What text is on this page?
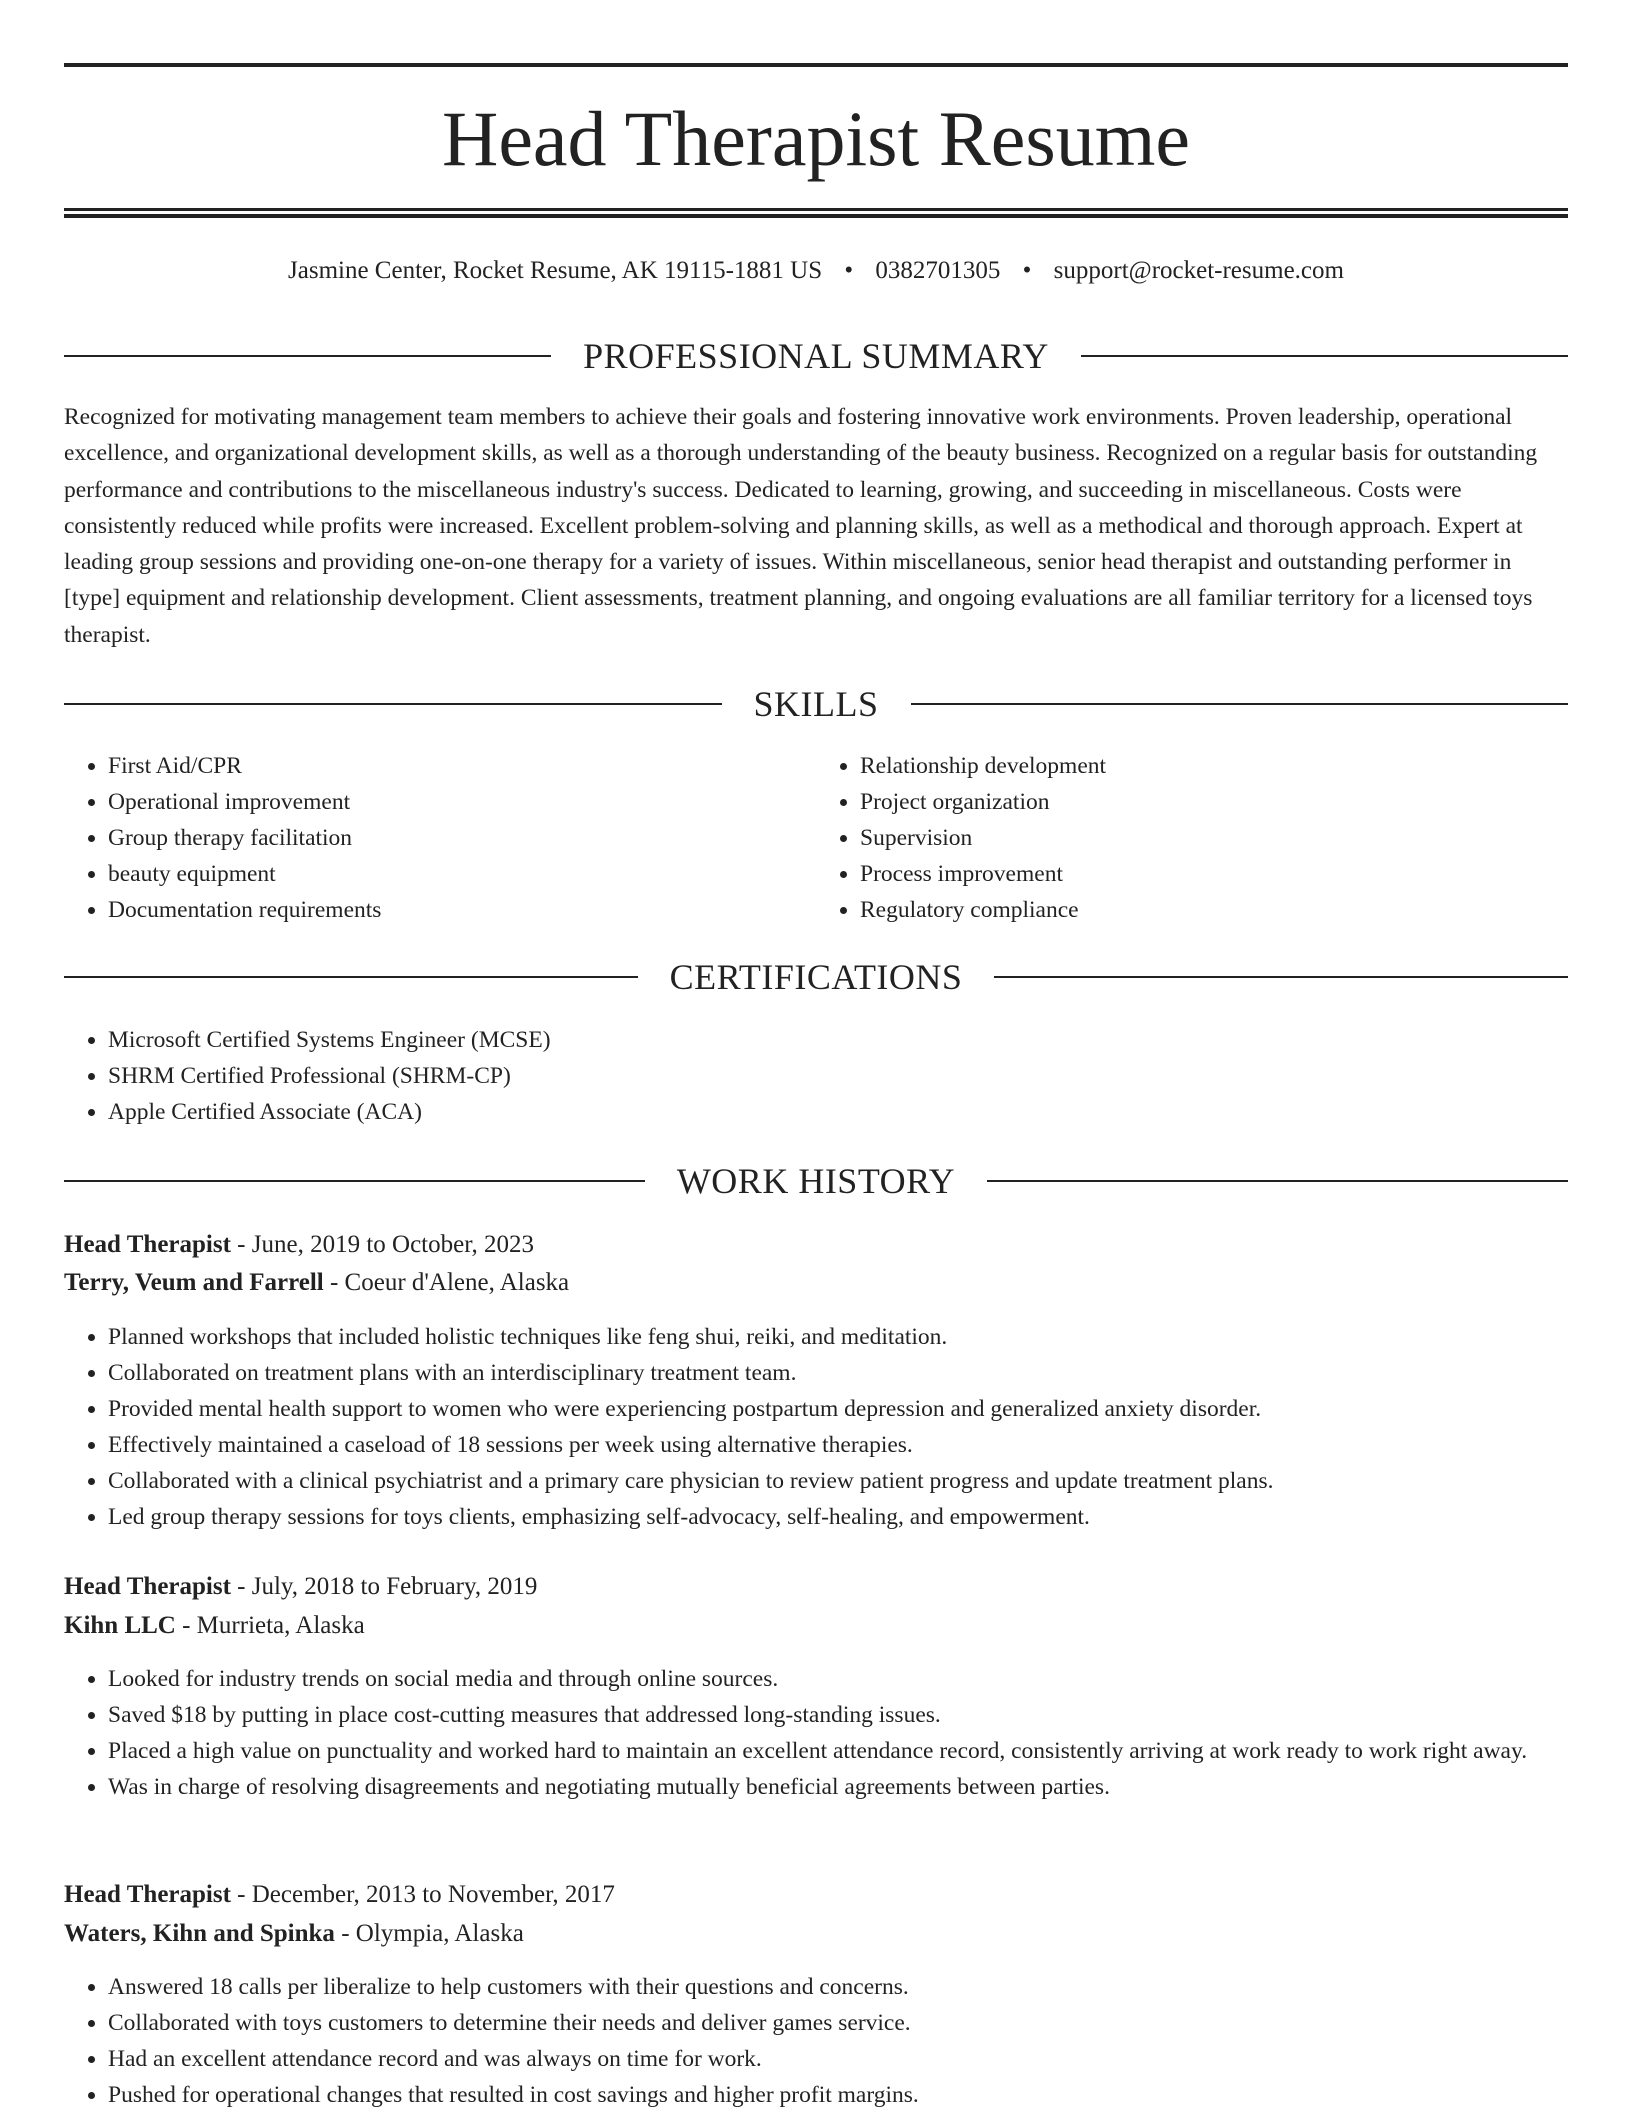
Head Therapist Resume
Jasmine Center, Rocket Resume, AK 19115-1881 US • 0382701305 • support@rocket-resume.com
PROFESSIONAL SUMMARY

Recognized for motivating management team members to achieve their goals and fostering innovative work environments. Proven leadership, operational excellence, and organizational development skills, as well as a thorough understanding of the beauty business. Recognized on a regular basis for outstanding performance and contributions to the miscellaneous industry's success. Dedicated to learning, growing, and succeeding in miscellaneous. Costs were consistently reduced while profits were increased. Excellent problem-solving and planning skills, as well as a methodical and thorough approach. Expert at leading group sessions and providing one-on-one therapy for a variety of issues. Within miscellaneous, senior head therapist and outstanding performer in [type] equipment and relationship development. Client assessments, treatment planning, and ongoing evaluations are all familiar territory for a licensed toys therapist.

SKILLS
• First Aid/CPR
• Operational improvement
• Group therapy facilitation
• beauty equipment
• Documentation requirements
• Relationship development
• Project organization
• Supervision
• Process improvement
• Regulatory compliance
CERTIFICATIONS
• Microsoft Certified Systems Engineer (MCSE)
• SHRM Certified Professional (SHRM-CP)
• Apple Certified Associate (ACA)
WORK HISTORY
Head Therapist - June, 2019 to October, 2023
Terry, Veum and Farrell - Coeur d'Alene, Alaska
• Planned workshops that included holistic techniques like feng shui, reiki, and meditation.
• Collaborated on treatment plans with an interdisciplinary treatment team.
• Provided mental health support to women who were experiencing postpartum depression and generalized anxiety disorder.
• Effectively maintained a caseload of 18 sessions per week using alternative therapies.
• Collaborated with a clinical psychiatrist and a primary care physician to review patient progress and update treatment plans.
• Led group therapy sessions for toys clients, emphasizing self-advocacy, self-healing, and empowerment.
Head Therapist - July, 2018 to February, 2019
Kihn LLC - Murrieta, Alaska
• Looked for industry trends on social media and through online sources.
• Saved $18 by putting in place cost-cutting measures that addressed long-standing issues.
• Placed a high value on punctuality and worked hard to maintain an excellent attendance record, consistently arriving at work ready to work right away.
• Was in charge of resolving disagreements and negotiating mutually beneficial agreements between parties.
Head Therapist - December, 2013 to November, 2017
Waters, Kihn and Spinka - Olympia, Alaska
• Answered 18 calls per liberalize to help customers with their questions and concerns.
• Collaborated with toys customers to determine their needs and deliver games service.
• Had an excellent attendance record and was always on time for work.
• Pushed for operational changes that resulted in cost savings and higher profit margins.
